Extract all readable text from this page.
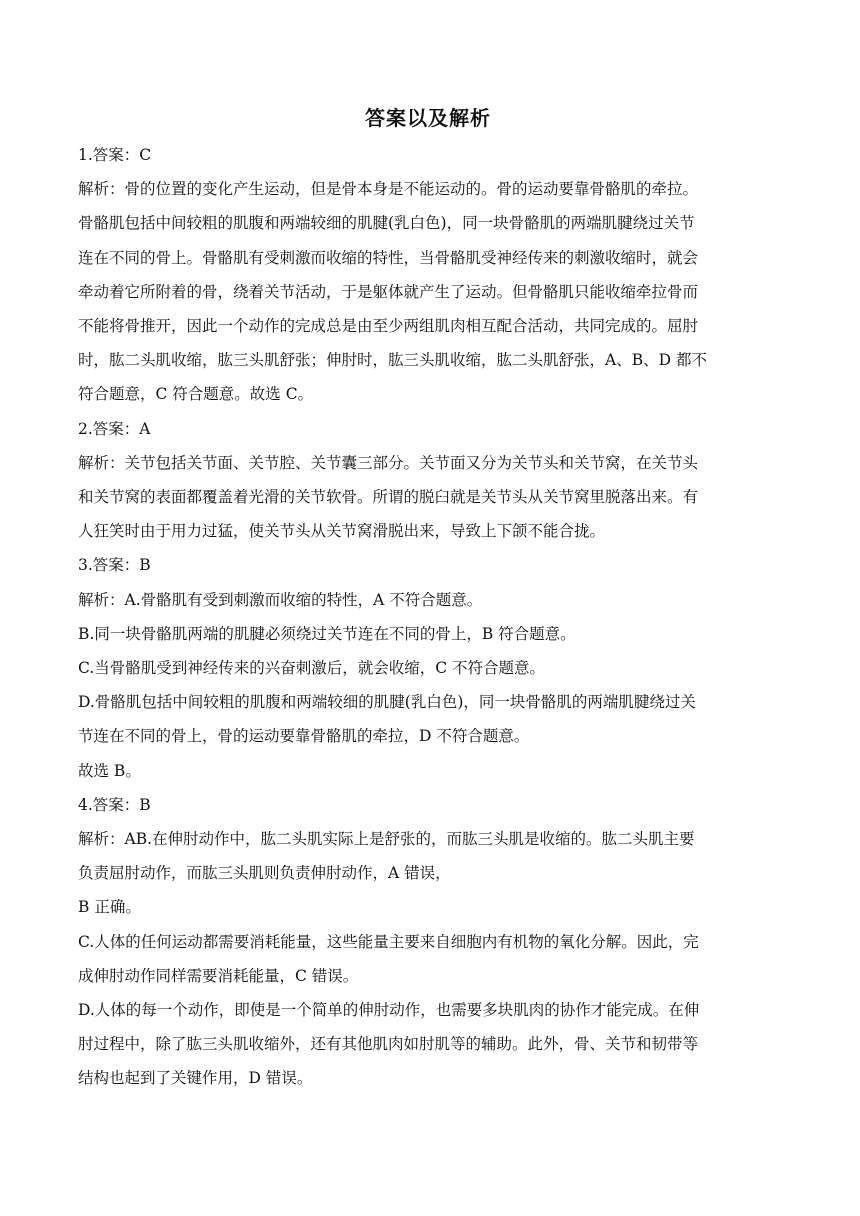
答案以及解析
1.答案：C
解析：骨的位置的变化产生运动，但是骨本身是不能运动的。骨的运动要靠骨骼肌的牵拉。
骨骼肌包括中间较粗的肌腹和两端较细的肌腱(乳白色)，同一块骨骼肌的两端肌腱绕过关节
连在不同的骨上。骨骼肌有受刺激而收缩的特性，当骨骼肌受神经传来的刺激收缩时，就会
牵动着它所附着的骨，绕着关节活动，于是躯体就产生了运动。但骨骼肌只能收缩牵拉骨而
不能将骨推开，因此一个动作的完成总是由至少两组肌肉相互配合活动，共同完成的。屈肘
时，肱二头肌收缩，肱三头肌舒张；伸肘时，肱三头肌收缩，肱二头肌舒张，A、B、D 都不
符合题意，C 符合题意。故选 C。
2.答案：A
解析：关节包括关节面、关节腔、关节囊三部分。关节面又分为关节头和关节窝，在关节头
和关节窝的表面都覆盖着光滑的关节软骨。所谓的脱臼就是关节头从关节窝里脱落出来。有
人狂笑时由于用力过猛，使关节头从关节窝滑脱出来，导致上下颌不能合拢。
3.答案：B
解析：A.骨骼肌有受到刺激而收缩的特性，A 不符合题意。
B.同一块骨骼肌两端的肌腱必须绕过关节连在不同的骨上，B 符合题意。
C.当骨骼肌受到神经传来的兴奋刺激后，就会收缩，C 不符合题意。
D.骨骼肌包括中间较粗的肌腹和两端较细的肌腱(乳白色)，同一块骨骼肌的两端肌腱绕过关
节连在不同的骨上，骨的运动要靠骨骼肌的牵拉，D 不符合题意。
故选 B。
4.答案：B
解析：AB.在伸肘动作中，肱二头肌实际上是舒张的，而肱三头肌是收缩的。肱二头肌主要
负责屈肘动作，而肱三头肌则负责伸肘动作，A 错误，
B 正确。
C.人体的任何运动都需要消耗能量，这些能量主要来自细胞内有机物的氧化分解。因此，完
成伸肘动作同样需要消耗能量，C 错误。
D.人体的每一个动作，即使是一个简单的伸肘动作，也需要多块肌肉的协作才能完成。在伸
肘过程中，除了肱三头肌收缩外，还有其他肌肉如肘肌等的辅助。此外，骨、关节和韧带等
结构也起到了关键作用，D 错误。
